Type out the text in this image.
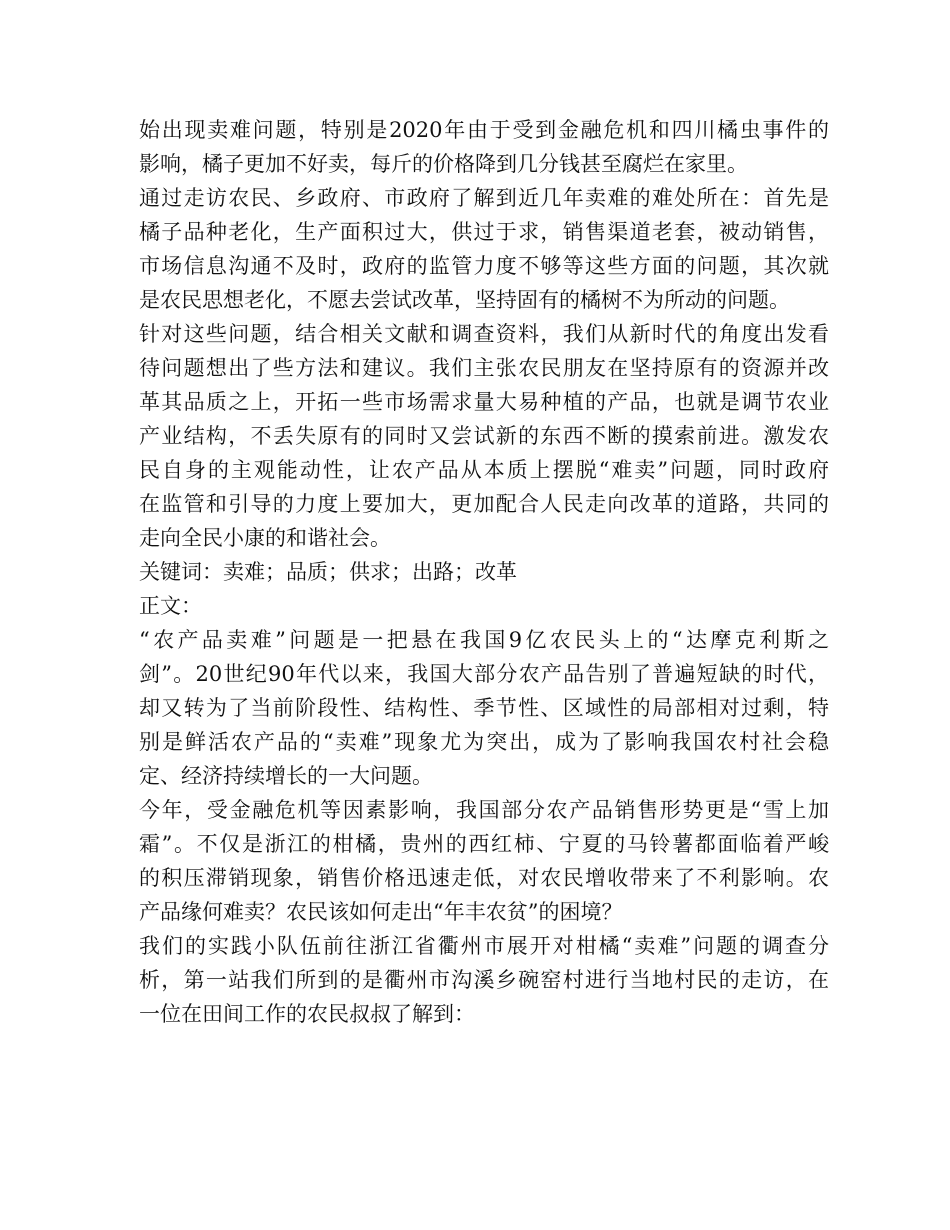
始出现卖难问题，特别是2020年由于受到金融危机和四川橘虫事件的
影响，橘子更加不好卖，每斤的价格降到几分钱甚至腐烂在家里。
通过走访农民、乡政府、市政府了解到近几年卖难的难处所在：首先是
橘子品种老化，生产面积过大，供过于求，销售渠道老套，被动销售，
市场信息沟通不及时，政府的监管力度不够等这些方面的问题，其次就
是农民思想老化，不愿去尝试改革，坚持固有的橘树不为所动的问题。
针对这些问题，结合相关文献和调查资料，我们从新时代的角度出发看
待问题想出了些方法和建议。我们主张农民朋友在坚持原有的资源并改
革其品质之上，开拓一些市场需求量大易种植的产品，也就是调节农业
产业结构，不丢失原有的同时又尝试新的东西不断的摸索前进。激发农
民自身的主观能动性，让农产品从本质上摆脱“难卖”问题，同时政府
在监管和引导的力度上要加大，更加配合人民走向改革的道路，共同的
走向全民小康的和谐社会。
关键词：卖难；品质；供求；出路；改革
正文：
“农产品卖难”问题是一把悬在我国9亿农民头上的“达摩克利斯之
剑”。20世纪90年代以来，我国大部分农产品告别了普遍短缺的时代，
却又转为了当前阶段性、结构性、季节性、区域性的局部相对过剩，特
别是鲜活农产品的“卖难”现象尤为突出，成为了影响我国农村社会稳
定、经济持续增长的一大问题。
今年，受金融危机等因素影响，我国部分农产品销售形势更是“雪上加
霜”。不仅是浙江的柑橘，贵州的西红柿、宁夏的马铃薯都面临着严峻
的积压滞销现象，销售价格迅速走低，对农民增收带来了不利影响。农
产品缘何难卖？农民该如何走出“年丰农贫”的困境？
我们的实践小队伍前往浙江省衢州市展开对柑橘“卖难”问题的调查分
析，第一站我们所到的是衢州市沟溪乡碗窑村进行当地村民的走访，在
一位在田间工作的农民叔叔了解到：
